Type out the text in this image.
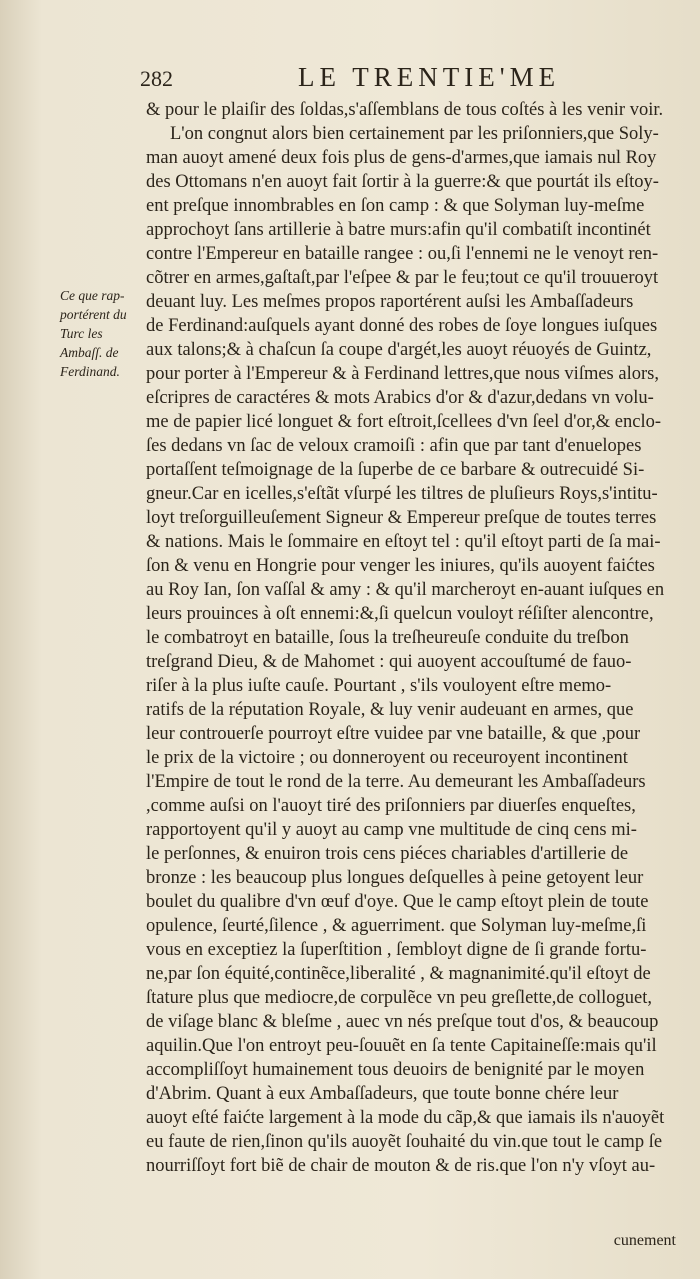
282	LE TRENTIE'ME
Ce que rap-
portérent du
Turc les
Ambaſſ. de
Ferdinand.
& pour le plaiſir des ſoldas,s'aſſemblans de tous coſtés à les venir voir.
L'on congnut alors bien certainement par les priſonniers,que Soly-
man auoyt amené deux fois plus de gens-d'armes,que iamais nul Roy
des Ottomans n'en auoyt fait ſortir à la guerre:& que pourtát ils eſtoy-
ent preſque innombrables en ſon camp : & que Solyman luy-meſme
approchoyt ſans artillerie à batre murs:afin qu'il combatiſt incontinét
contre l'Empereur en bataille rangee : ou,ſi l'ennemi ne le venoyt ren-
cõtrer en armes,gaſtaſt,par l'eſpee & par le feu;tout ce qu'il trouueroyt
deuant luy. Les meſmes propos raportérent auſsi les Ambaſſadeurs
de Ferdinand:auſquels ayant donné des robes de ſoye longues iuſques
aux talons;& à chaſcun ſa coupe d'argét,les auoyt réuoyés de Guintz,
pour porter à l'Empereur & à Ferdinand lettres,que nous viſmes alors,
eſcripres de caractéres & mots Arabics d'or & d'azur,dedans vn volu-
me de papier licé longuet & fort eſtroit,ſcellees d'vn ſeel d'or,& enclo-
ſes dedans vn ſac de veloux cramoiſi : afin que par tant d'enuelopes
portaſſent teſmoignage de la ſuperbe de ce barbare & outrecuidé Si-
gneur.Car en icelles,s'eſtãt vſurpé les tiltres de pluſieurs Roys,s'intitu-
loyt treſorguilleuſement Signeur & Empereur preſque de toutes terres
& nations. Mais le ſommaire en eſtoyt tel : qu'il eſtoyt parti de ſa mai-
ſon & venu en Hongrie pour venger les iniures, qu'ils auoyent faićtes
au Roy Ian, ſon vaſſal & amy : & qu'il marcheroyt en-auant iuſques en
leurs prouinces à oſt ennemi:&,ſi quelcun vouloyt réſiſter alencontre,
le combatroyt en bataille, ſous la treſheureuſe conduite du treſbon
treſgrand Dieu, & de Mahomet : qui auoyent accouſtumé de fauo-
riſer à la plus iuſte cauſe. Pourtant , s'ils vouloyent eſtre memo-
ratifs de la réputation Royale, & luy venir audeuant en armes, que
leur controuerſe pourroyt eſtre vuidee par vne bataille, & que ,pour
le prix de la victoire ; ou donneroyent ou receuroyent incontinent
l'Empire de tout le rond de la terre. Au demeurant les Ambaſſadeurs
,comme auſsi on l'auoyt tiré des priſonniers par diuerſes enqueſtes,
rapportoyent qu'il y auoyt au camp vne multitude de cinq cens mi-
le perſonnes, & enuiron trois cens piéces chariables d'artillerie de
bronze : les beaucoup plus longues deſquelles à peine getoyent leur
boulet du qualibre d'vn œuf d'oye. Que le camp eſtoyt plein de toute
opulence, ſeurté,ſilence , & aguerriment. que Solyman luy-meſme,ſi
vous en exceptiez la ſuperſtition , ſembloyt digne de ſi grande fortu-
ne,par ſon équité,continẽce,liberalité , & magnanimité.qu'il eſtoyt de
ſtature plus que mediocre,de corpulẽce vn peu greſlette,de colloguet,
de viſage blanc & bleſme , auec vn nés preſque tout d'os, & beaucoup
aquilin.Que l'on entroyt peu-ſouuẽt en ſa tente Capitaineſſe:mais qu'il
accompliſſoyt humainement tous deuoirs de benignité par le moyen
d'Abrim. Quant à eux Ambaſſadeurs, que toute bonne chére leur
auoyt eſté faićte largement à la mode du cãp,& que iamais ils n'auoyẽt
eu faute de rien,ſinon qu'ils auoyẽt ſouhaité du vin.que tout le camp ſe
nourriſſoyt fort biẽ de chair de mouton & de ris.que l'on n'y vſoyt au-
cunement
